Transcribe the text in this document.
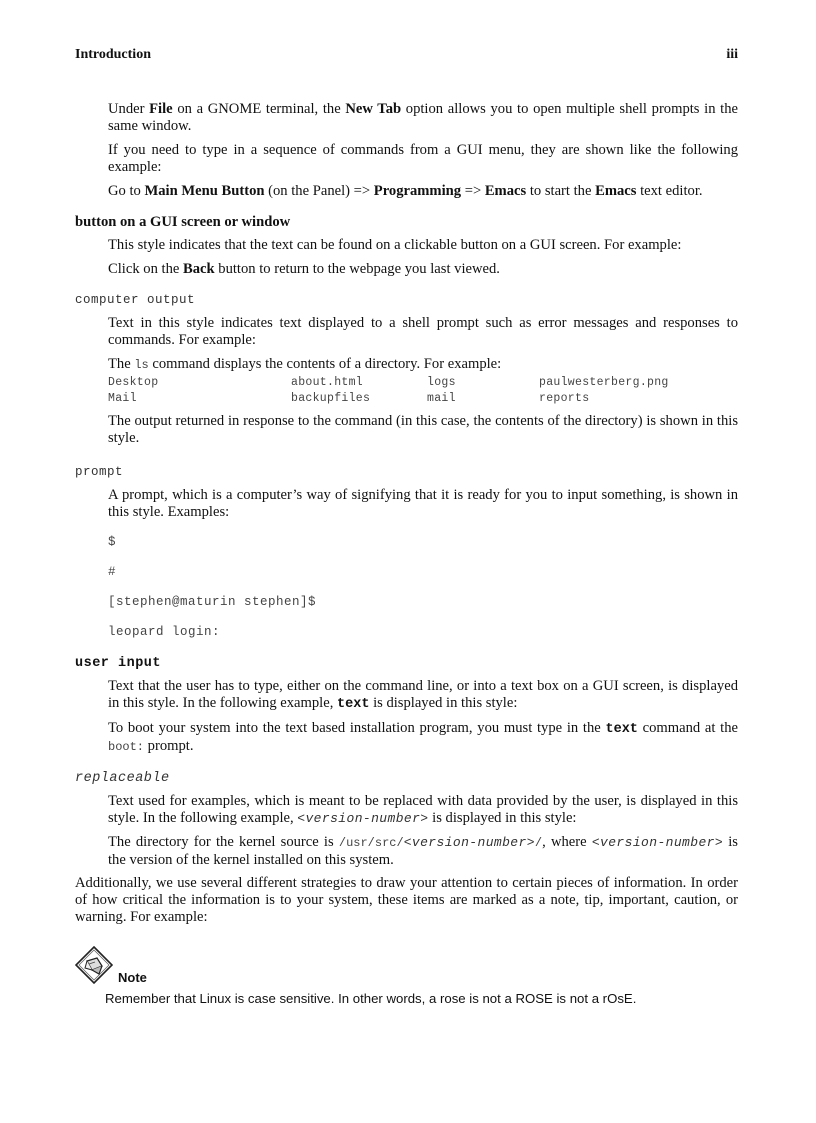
Introduction	iii

Under File on a GNOME terminal, the New Tab option allows you to open multiple shell prompts in the same window.

If you need to type in a sequence of commands from a GUI menu, they are shown like the following example:

Go to Main Menu Button (on the Panel) => Programming => Emacs to start the Emacs text editor.

button on a GUI screen or window

This style indicates that the text can be found on a clickable button on a GUI screen. For example:

Click on the Back button to return to the webpage you last viewed.

computer output

Text in this style indicates text displayed to a shell prompt such as error messages and responses to commands. For example:

The ls command displays the contents of a directory. For example:

Desktop	about.html	logs	paulwesterberg.png
Mail	backupfiles	mail	reports

The output returned in response to the command (in this case, the contents of the directory) is shown in this style.

prompt

A prompt, which is a computer’s way of signifying that it is ready for you to input something, is shown in this style. Examples:

$
#
[stephen@maturin stephen]$
leopard login:
user input

Text that the user has to type, either on the command line, or into a text box on a GUI screen, is displayed in this style. In the following example, text is displayed in this style:

To boot your system into the text based installation program, you must type in the text command at the boot: prompt.

replaceable

Text used for examples, which is meant to be replaced with data provided by the user, is displayed in this style. In the following example, <version-number> is displayed in this style:

The directory for the kernel source is /usr/src/<version-number>/, where <version-number> is the version of the kernel installed on this system.

Additionally, we use several different strategies to draw your attention to certain pieces of information. In order of how critical the information is to your system, these items are marked as a note, tip, important, caution, or warning. For example:

Note
Remember that Linux is case sensitive. In other words, a rose is not a ROSE is not a rOsE.
